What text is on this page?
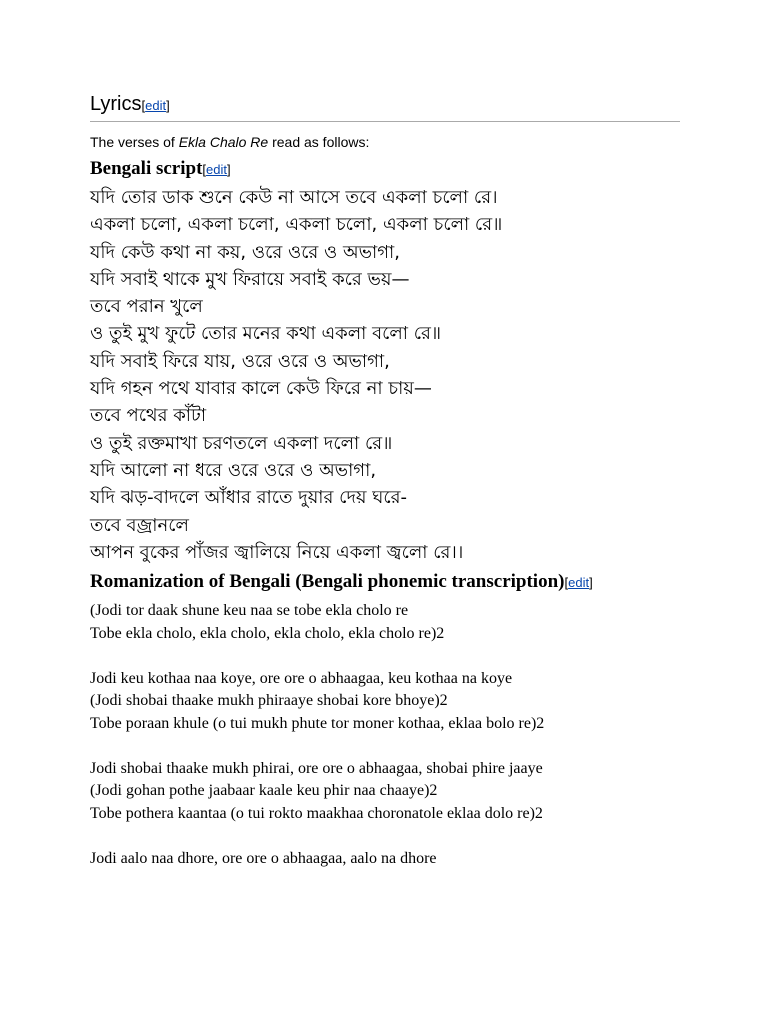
Lyrics[edit]

The verses of Ekla Chalo Re read as follows:

Bengali script[edit]
যদি তোর ডাক শুনে কেউ না আসে তবে একলা চলো রে।
একলা চলো, একলা চলো, একলা চলো, একলা চলো রে॥
যদি কেউ কথা না কয়, ওরে ওরে ও অভাগা,
যদি সবাই থাকে মুখ ফিরায়ে সবাই করে ভয়—
তবে পরান খুলে
ও তুই মুখ ফুটে তোর মনের কথা একলা বলো রে॥
যদি সবাই ফিরে যায়, ওরে ওরে ও অভাগা,
যদি গহন পথে যাবার কালে কেউ ফিরে না চায়—
তবে পথের কাঁটা
ও তুই রক্তমাখা চরণতলে একলা দলো রে॥
যদি আলো না ধরে ওরে ওরে ও অভাগা,
যদি ঝড়-বাদলে আঁধার রাতে দুয়ার দেয় ঘরে-
তবে বজ্রানলে
আপন বুকের পাঁজর জ্বালিয়ে নিয়ে একলা জ্বলো রে।।
Romanization of Bengali (Bengali phonemic transcription)[edit]
(Jodi tor daak shune keu naa se tobe ekla cholo re
Tobe ekla cholo, ekla cholo, ekla cholo, ekla cholo re)2
Jodi keu kothaa naa koye, ore ore o abhaagaa, keu kothaa na koye
(Jodi shobai thaake mukh phiraaye shobai kore bhoye)2
Tobe poraan khule (o tui mukh phute tor moner kothaa, eklaa bolo re)2
Jodi shobai thaake mukh phirai, ore ore o abhaagaa, shobai phire jaaye
(Jodi gohan pothe jaabaar kaale keu phir naa chaaye)2
Tobe pothera kaantaa (o tui rokto maakhaa choronatole eklaa dolo re)2
Jodi aalo naa dhore, ore ore o abhaagaa, aalo na dhore
